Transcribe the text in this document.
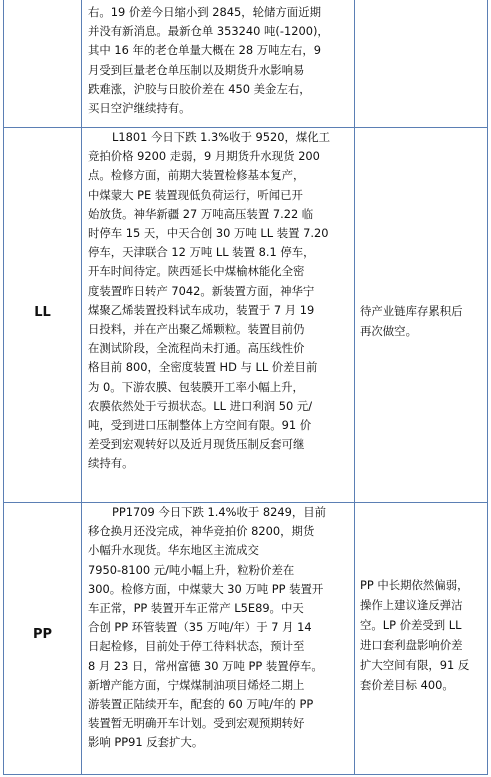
右。19 价差今日缩小到 2845，轮储方面近期
并没有新消息。最新仓单 353240 吨(-1200)，
其中 16 年的老仓单量大概在 28 万吨左右，9
月受到巨量老仓单压制以及期货升水影响易
跌难涨，沪胶与日胶价差在 450 美金左右，
买日空沪继续持有。
LL
L1801 今日下跌 1.3%收于 9520，煤化工
竞拍价格 9200 走弱，9 月期货升水现货 200
点。检修方面，前期大装置检修基本复产，
中煤蒙大 PE 装置现低负荷运行，听闻已开
始放货。神华新疆 27 万吨高压装置 7.22 临
时停车 15 天，中天合创 30 万吨 LL 装置 7.20
停车，天津联合 12 万吨 LL 装置 8.1 停车，
开车时间待定。陕西延长中煤榆林能化全密
度装置昨日转产 7042。新装置方面，神华宁
煤聚乙烯装置投料试车成功，装置于 7 月 19
日投料，并在产出聚乙烯颗粒。装置目前仍
在测试阶段，全流程尚未打通。高压线性价
格目前 800，全密度装置 HD 与 LL 价差目前
为 0。下游农膜、包装膜开工率小幅上升，
农膜依然处于亏损状态。LL 进口利润 50 元/
吨，受到进口压制整体上方空间有限。91 价
差受到宏观转好以及近月现货压制反套可继
续持有。
待产业链库存累积后
再次做空。
PP
PP1709 今日下跌 1.4%收于 8249，目前
移仓换月还没完成，神华竞拍价 8200，期货
小幅升水现货。华东地区主流成交
7950-8100 元/吨小幅上升，粒粉价差在
300。检修方面，中煤蒙大 30 万吨 PP 装置开
车正常，PP 装置开车正常产 L5E89。中天
合创 PP 环管装置（35 万吨/年）于 7 月 14
日起检修，目前处于停工待料状态，预计至
8 月 23 日，常州富德 30 万吨 PP 装置停车。
新增产能方面，宁煤煤制油项目烯烃二期上
游装置正陆续开车，配套的 60 万吨/年的 PP
装置暂无明确开车计划。受到宏观预期转好
影响 PP91 反套扩大。
PP 中长期依然偏弱，
操作上建议逢反弹沽
空。LP 价差受到 LL
进口套利盘影响价差
扩大空间有限，91 反
套价差目标 400。
